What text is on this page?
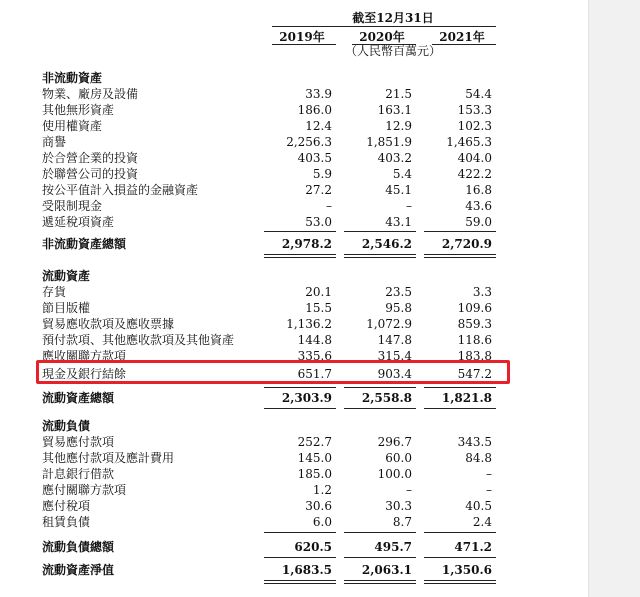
截至12月31日
2019年	2020年	2021年
（人民幣百萬元）
非流動資產
物業、廠房及設備	33.9	21.5	54.4
其他無形資產	186.0	163.1	153.3
使用權資產	12.4	12.9	102.3
商譽	2,256.3	1,851.9	1,465.3
於合營企業的投資	403.5	403.2	404.0
於聯營公司的投資	5.9	5.4	422.2
按公平值計入損益的金融資產	27.2	45.1	16.8
受限制現金	–	–	43.6
遞延稅項資產	53.0	43.1	59.0
非流動資產總額	2,978.2	2,546.2	2,720.9
流動資產
存貨	20.1	23.5	3.3
節目版權	15.5	95.8	109.6
貿易應收款項及應收票據	1,136.2	1,072.9	859.3
預付款項、其他應收款項及其他資產	144.8	147.8	118.6
應收關聯方款項	335.6	315.4	183.8
現金及銀行結餘	651.7	903.4	547.2
流動資產總額	2,303.9	2,558.8	1,821.8
流動負債
貿易應付款項	252.7	296.7	343.5
其他應付款項及應計費用	145.0	60.0	84.8
計息銀行借款	185.0	100.0	–
應付關聯方款項	1.2	–	–
應付稅項	30.6	30.3	40.5
租賃負債	6.0	8.7	2.4
流動負債總額	620.5	495.7	471.2
流動資產淨值	1,683.5	2,063.1	1,350.6
